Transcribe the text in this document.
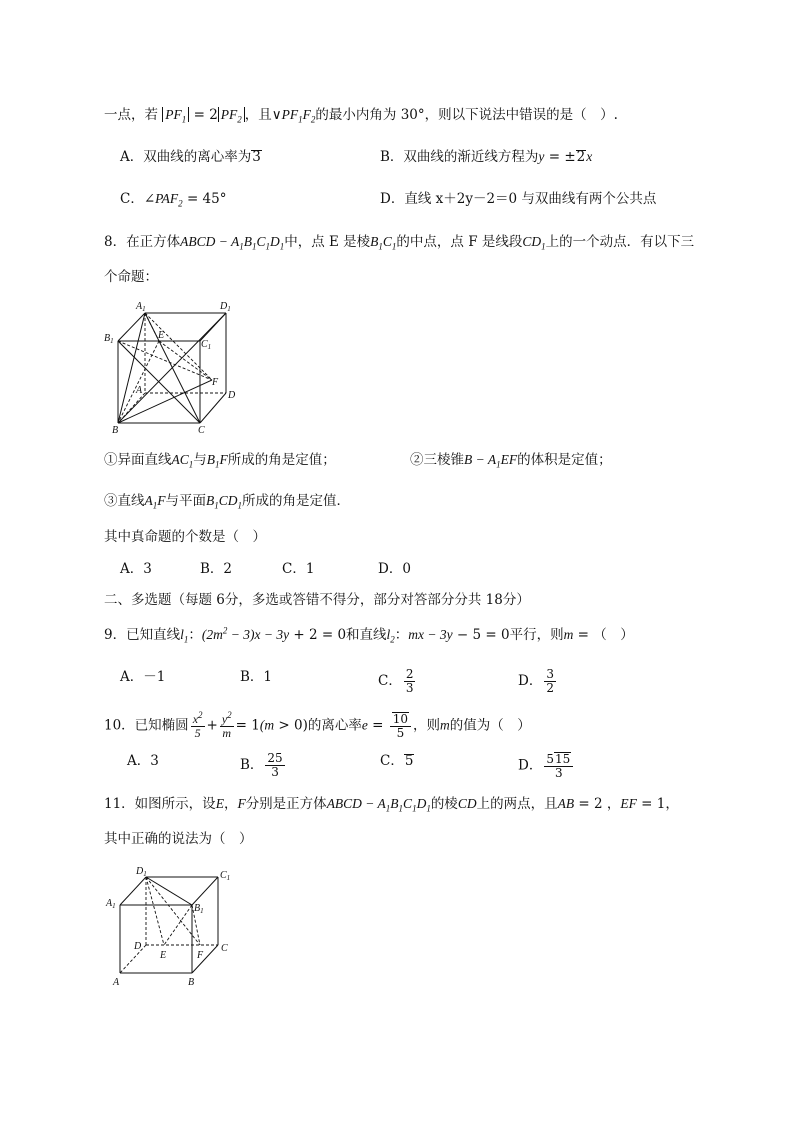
一点，若 $PF_1 = 2$ $PF_2$ ，且$\vee PF_1F_2$的最小内角为 30°，则以下说法中错误的是（　）.
A．双曲线的离心率为3	B．双曲线的渐近线方程为y = ±2x
C．$\angle PAF_2 = 45^\circ$	D．直线 x＋2y－2＝0 与双曲线有两个公共点
8．在正方体ABCD − $A_1B_1C_1D_1$中，点 E 是棱$B_1C_1$的中点，点 F 是线段$CD_1$上的一个动点．有以下三
个命题：
$A_1$	$D_1$
$B_1$	$C_1$
E
F
D
A
B	C
①异面直线$AC_1$与$B_1F$所成的角是定值；	②三棱锥$B - A_1EF$的体积是定值；
③直线$A_1F$与平面$B_1CD_1$所成的角是定值．
其中真命题的个数是（　）
A．3	B．2	C．1	D．0
二、多选题（每题 6分，多选或答错不得分，部分对答部分分共 18分）
9．已知直线$l_1$：$(2m^2 - 3)x - 3y + 2 = 0$和直线$l_2$：mx − 3y − 5 = 0平行，则m = （　）
A．－1	B．1	C． $\frac{2}{3}$	D． $\frac{3}{2}$
10．已知椭圆 $\frac{x^2}{5} + \frac{y^2}{m} = 1(m > 0)$的离心率$e = \frac{10}{5}$ ，则m的值为（　）
A．3	B． $\frac{25}{3}$	C．5	D． $\frac{515}{3}$
11．如图所示，设E，F分别是正方体ABCD − $A_1B_1C_1D_1$的棱CD上的两点，且AB = 2 ，EF = 1，
其中正确的说法为（　）
$D_1$	$C_1$
$A_1$	$B_1$
D
E	F
C
A	B
